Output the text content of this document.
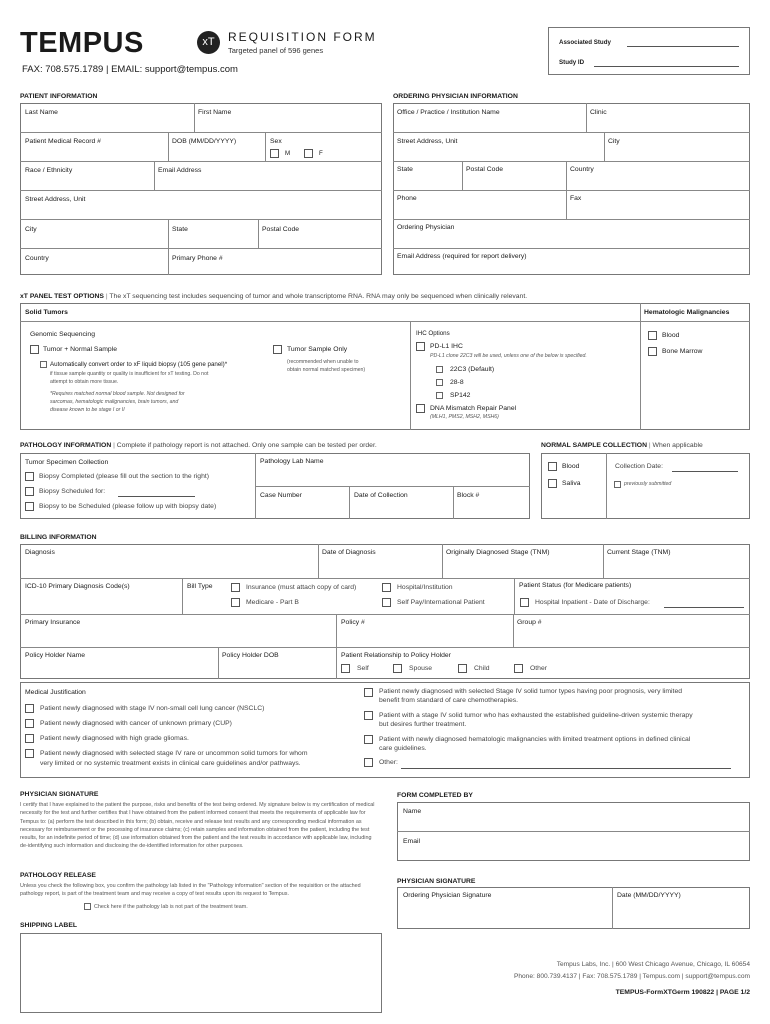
TEMPUS	xT	REQUISITION FORM
Targeted panel of 596 genes
FAX: 708.575.1789 | EMAIL: support@tempus.com
Associated Study
Study ID
PATIENT INFORMATION
Last Name	First Name
Patient Medical Record #	DOB (MM/DD/YYYY)	Sex
M	F
Race / Ethnicity	Email Address
Street Address, Unit
City	State	Postal Code
Country	Primary Phone #
ORDERING PHYSICIAN INFORMATION
Office / Practice / Institution Name	Clinic
Street Address, Unit	City
State	Postal Code	Country
Phone	Fax
Ordering Physician
Email Address (required for report delivery)
xT PANEL TEST OPTIONS | The xT sequencing test includes sequencing of tumor and whole transcriptome RNA. RNA may only be sequenced when clinically relevant.
Solid Tumors	Hematologic Malignancies
Genomic Sequencing
Tumor + Normal Sample
Automatically convert order to xF liquid biopsy (105 gene panel)*
if tissue sample quantity or quality is insufficient for xT testing. Do not
attempt to obtain more tissue.
*Requires matched normal blood sample. Not designed for
sarcomas, hematologic malignancies, brain tumors, and
disease known to be stage I or II
Tumor Sample Only
(recommended when unable to
obtain normal matched specimen)
IHC Options
PD-L1 IHC
PD-L1 clone 22C3 will be used, unless one of the below is specified.
22C3 (Default)
28-8
SP142
DNA Mismatch Repair Panel
(MLH1, PMS2, MSH2, MSH6)
Blood
Bone Marrow
PATHOLOGY INFORMATION | Complete if pathology report is not attached. Only one sample can be tested per order.
Tumor Specimen Collection
Biopsy Completed (please fill out the section to the right)
Biopsy Scheduled for:
Biopsy to be Scheduled (please follow up with biopsy date)
Pathology Lab Name
Case Number	Date of Collection	Block #
NORMAL SAMPLE COLLECTION | When applicable
Blood
Saliva
Collection Date:
previously submitted
BILLING INFORMATION
Diagnosis	Date of Diagnosis	Originally Diagnosed Stage (TNM)	Current Stage (TNM)
ICD-10 Primary Diagnosis Code(s)	Bill Type	Insurance (must attach copy of card)
Medicare - Part B
Hospital/Institution
Self Pay/International Patient
Patient Status (for Medicare patients)
Hospital Inpatient - Date of Discharge:
Primary Insurance	Policy #	Group #
Policy Holder Name	Policy Holder DOB	Patient Relationship to Policy Holder
Self	Spouse	Child	Other
Medical Justification
Patient newly diagnosed with stage IV non-small cell lung cancer (NSCLC)
Patient newly diagnosed with cancer of unknown primary (CUP)
Patient newly diagnosed with high grade gliomas.
Patient newly diagnosed with selected stage IV rare or uncommon solid tumors for whom
very limited or no systemic treatment exists in clinical care guidelines and/or pathways.
Patient newly diagnosed with selected Stage IV solid tumor types having poor prognosis, very limited
benefit from standard of care chemotherapies.
Patient with a stage IV solid tumor who has exhausted the established guideline-driven systemic therapy
but desires further treatment.
Patient with newly diagnosed hematologic malignancies with limited treatment options in defined clinical
care guidelines.
Other:
PHYSICIAN SIGNATURE
I certify that I have explained to the patient the purpose, risks and benefits of the test being ordered. My signature below is my certification of medical necessity for the test and further certifies that I have obtained from the patient informed consent that meets the requirements of applicable law for Tempus to: (a) perform the test described in this form; (b) obtain, receive and release test results and any corresponding medical information as necessary for reimbursement or the processing of insurance claims; (c) retain samples and information obtained from the patient, including the test results, for an indefinite period of time; (d) use information obtained from the patient and the test results in accordance with applicable law, including de-identifying such information and disclosing the de-identified information for other purposes.
PATHOLOGY RELEASE
Unless you check the following box, you confirm the pathology lab listed in the "Pathology information" section of the requisition or the attached pathology report, is part of the treatment team and may receive a copy of test results upon its request to Tempus.
Check here if the pathology lab is not part of the treatment team.
SHIPPING LABEL
FORM COMPLETED BY
Name
Email
PHYSICIAN SIGNATURE
Ordering Physician Signature	Date (MM/DD/YYYY)
Tempus Labs, Inc. | 600 West Chicago Avenue, Chicago, IL 60654
Phone: 800.739.4137 | Fax: 708.575.1789 | Tempus.com | support@tempus.com
TEMPUS-FormXTGerm 190822 | PAGE 1/2
